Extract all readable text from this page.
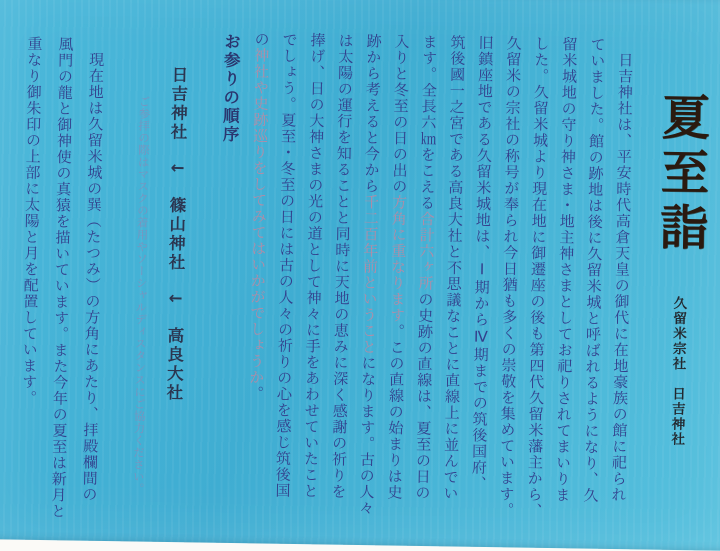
夏至詣 久留米宗社　日吉神社
日吉神社は、平安時代高倉天皇の御代に在地豪族の館に祀られ
ていました。館の跡地は後に久留米城と呼ばれるようになり、久
留米城地の守り神さま・地主神さまとしてお祀りされてまいりま
した。久留米城より現在地に御遷座の後も第四代久留米藩主から、
久留米の宗社の称号が奉られ今日猶も多くの崇敬を集めています。
旧鎮座地である久留米城地は、Ⅰ期からⅣ期までの筑後国府、
筑後國一之宮である高良大社と不思議なことに直線上に並んでい
ます。全長六㎞をこえる合計六ヶ所の史跡の直線は、夏至の日の
入りと冬至の日の出の方角に重なります。この直線の始まりは史
跡から考えると今から千二百年前ということになります。古の人々
は太陽の運行を知ることと同時に天地の恵みに深く感謝の祈りを
捧げ、日の大神さまの光の道として神々に手をあわせていたこと
でしょう。夏至・冬至の日には古の人々の祈りの心を感じ筑後国
の神社や史跡巡りをしてみてはいかがでしょうか。
お参りの順序
日吉神社　↓　篠山神社　↓　高良大社
ご参拝の際はマスクの着用やソーシャルディスタンスにご協力ください。
現在地は久留米城の巽（たつみ）の方角にあたり、拝殿欄間の
風門の龍と御神使の真猿を描いています。また今年の夏至は新月と
重なり御朱印の上部に太陽と月を配置しています。
